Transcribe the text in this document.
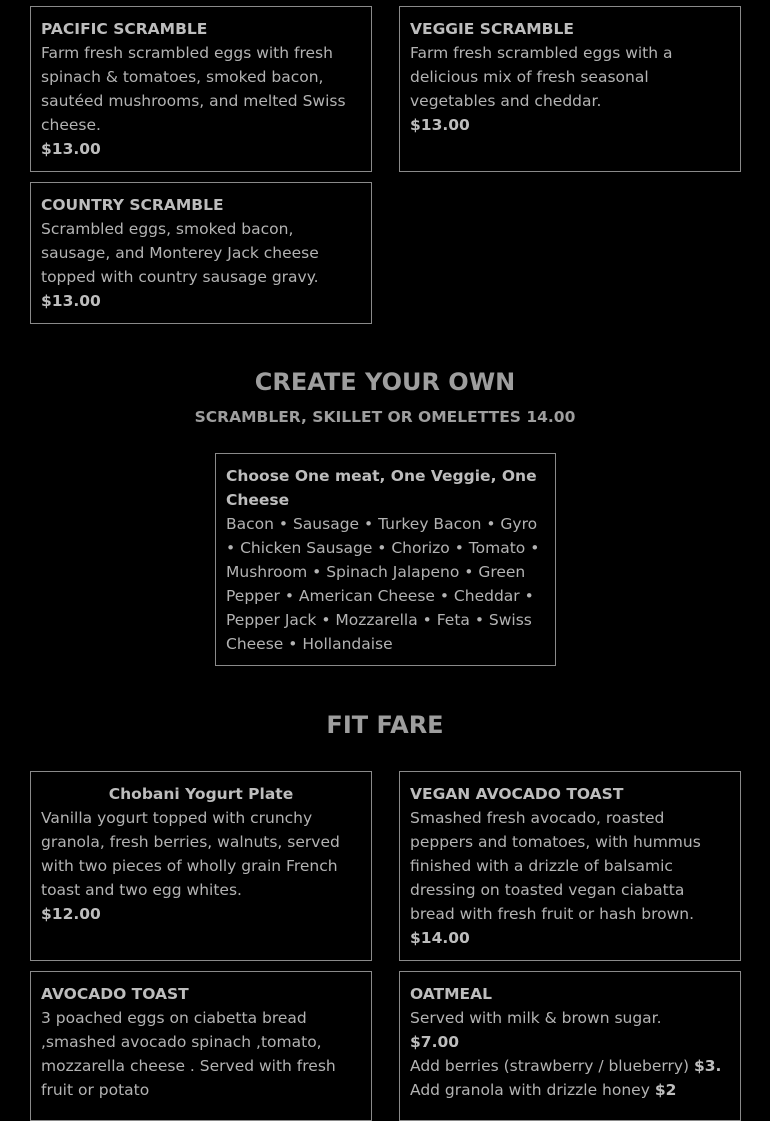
PACIFIC SCRAMBLE
Farm fresh scrambled eggs with fresh spinach & tomatoes, smoked bacon, sautéed mushrooms, and melted Swiss cheese.
$13.00
VEGGIE SCRAMBLE
Farm fresh scrambled eggs with a delicious mix of fresh seasonal vegetables and cheddar.
$13.00
COUNTRY SCRAMBLE
Scrambled eggs, smoked bacon, sausage, and Monterey Jack cheese topped with country sausage gravy.
$13.00
CREATE YOUR OWN
SCRAMBLER, SKILLET OR OMELETTES 14.00
Choose One meat, One Veggie, One Cheese
Bacon • Sausage • Turkey Bacon • Gyro • Chicken Sausage • Chorizo • Tomato • Mushroom • Spinach Jalapeno • Green Pepper • American Cheese • Cheddar • Pepper Jack • Mozzarella • Feta • Swiss Cheese • Hollandaise
FIT FARE
Chobani Yogurt Plate
Vanilla yogurt topped with crunchy granola, fresh berries, walnuts, served with two pieces of wholly grain French toast and two egg whites.
$12.00
VEGAN AVOCADO TOAST
Smashed fresh avocado, roasted peppers and tomatoes, with hummus finished with a drizzle of balsamic dressing on toasted vegan ciabatta bread with fresh fruit or hash brown.
$14.00
AVOCADO TOAST
3 poached eggs on ciabetta bread ,smashed avocado spinach ,tomato, mozzarella cheese . Served with fresh fruit or potato
OATMEAL
Served with milk & brown sugar.
$7.00
Add berries (strawberry / blueberry) $3.
Add granola with drizzle honey $2
